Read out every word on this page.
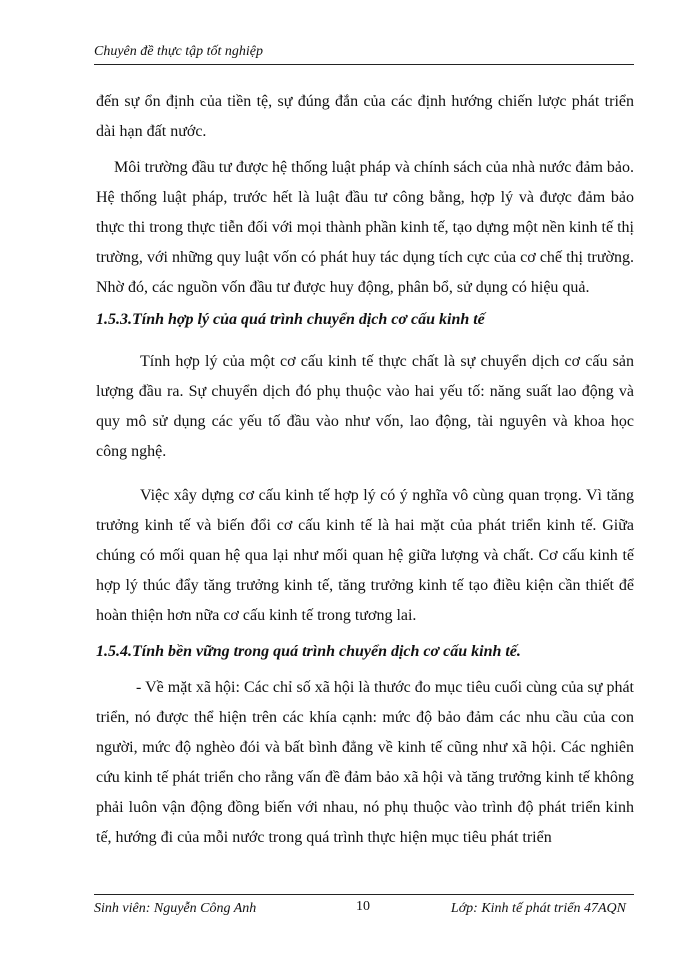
Chuyên đề thực tập tốt nghiệp

đến sự ổn định của tiền tệ, sự đúng đắn của các định hướng chiến lược phát triển dài hạn đất nước.

Môi trường đầu tư được hệ thống luật pháp và chính sách của nhà nước đảm bảo. Hệ thống luật pháp, trước hết là luật đầu tư công bằng, hợp lý và được đảm bảo thực thi trong thực tiễn đối với mọi thành phần kinh tế, tạo dựng một nền kinh tế thị trường, với những quy luật vốn có phát huy tác dụng tích cực của cơ chế thị trường. Nhờ đó, các nguồn vốn đầu tư được huy động, phân bổ, sử dụng có hiệu quả.

1.5.3.Tính hợp lý của quá trình chuyển dịch cơ cấu kinh tế

Tính hợp lý của một cơ cấu kinh tế thực chất là sự chuyển dịch cơ cấu sản lượng đầu ra. Sự chuyển dịch đó phụ thuộc vào hai yếu tố: năng suất lao động và quy mô sử dụng các yếu tố đầu vào như vốn, lao động, tài nguyên và khoa học công nghệ.

Việc xây dựng cơ cấu kinh tế hợp lý có ý nghĩa vô cùng quan trọng. Vì tăng trưởng kinh tế và biến đổi cơ cấu kinh tế là hai mặt của phát triển kinh tế. Giữa chúng có mối quan hệ qua lại như mối quan hệ giữa lượng và chất. Cơ cấu kinh tế hợp lý thúc đẩy tăng trưởng kinh tế, tăng trưởng kinh tế tạo điều kiện cần thiết để hoàn thiện hơn nữa cơ cấu kinh tế trong tương lai.

1.5.4.Tính bền vững trong quá trình chuyển dịch cơ cấu kinh tế.

- Về mặt xã hội: Các chỉ số xã hội là thước đo mục tiêu cuối cùng của sự phát triển, nó được thể hiện trên các khía cạnh: mức độ bảo đảm các nhu cầu của con người, mức độ nghèo đói và bất bình đẳng về kinh tế cũng như xã hội. Các nghiên cứu kinh tế phát triển cho rằng vấn đề đảm bảo xã hội và tăng trưởng kinh tế không phải luôn vận động đồng biến với nhau, nó phụ thuộc vào trình độ phát triển kinh tế, hướng đi của mỗi nước trong quá trình thực hiện mục tiêu phát triển

Sinh viên: Nguyễn Công Anh	10	Lớp: Kinh tế phát triển 47AQN
